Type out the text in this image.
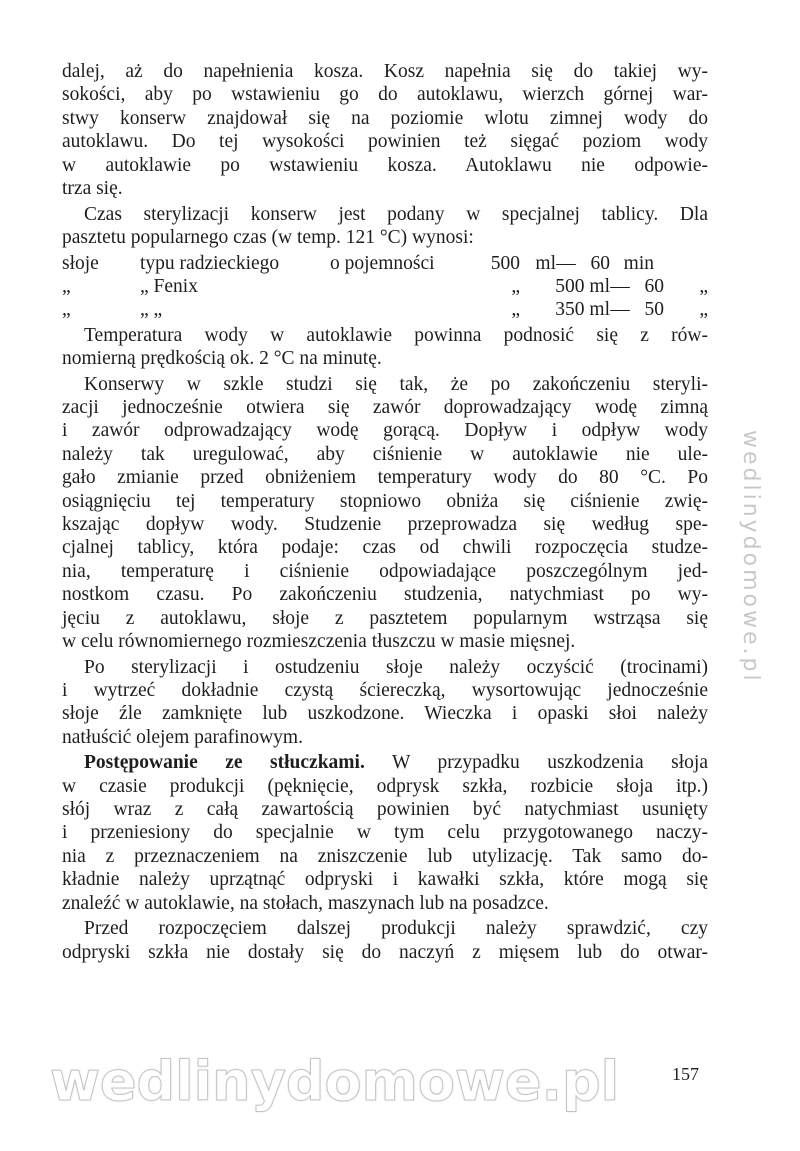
dalej, aż do napełnienia kosza. Kosz napełnia się do takiej wy-
sokości, aby po wstawieniu go do autoklawu, wierzch górnej war-
stwy konserw znajdował się na poziomie wlotu zimnej wody do
autoklawu. Do tej wysokości powinien też sięgać poziom wody
w autoklawie po wstawieniu kosza. Autoklawu nie odpowie-
trza się.
Czas sterylizacji konserw jest podany w specjalnej tablicy. Dla
pasztetu popularnego czas (w temp. 121 °C) wynosi:
słoje	typu radzieckiego	o pojemności	500 ml — 60 min
„	„ Fenix	„	500 ml — 60	„
„	„ „	„	350 ml — 50	„
Temperatura wody w autoklawie powinna podnosić się z rów-
nomierną prędkością ok. 2 °C na minutę.
Konserwy w szkle studzi się tak, że po zakończeniu steryli-
zacji jednocześnie otwiera się zawór doprowadzający wodę zimną
i zawór odprowadzający wodę gorącą. Dopływ i odpływ wody
należy tak uregulować, aby ciśnienie w autoklawie nie ule-
gało zmianie przed obniżeniem temperatury wody do 80 °C. Po
osiągnięciu tej temperatury stopniowo obniża się ciśnienie zwię-
kszając dopływ wody. Studzenie przeprowadza się według spe-
cjalnej tablicy, która podaje: czas od chwili rozpoczęcia studze-
nia, temperaturę i ciśnienie odpowiadające poszczególnym jed-
nostkom czasu. Po zakończeniu studzenia, natychmiast po wy-
jęciu z autoklawu, słoje z pasztetem popularnym wstrząsa się
w celu równomiernego rozmieszczenia tłuszczu w masie mięsnej.
Po sterylizacji i ostudzeniu słoje należy oczyścić (trocinami)
i wytrzeć dokładnie czystą ściereczką, wysortowując jednocześnie
słoje źle zamknięte lub uszkodzone. Wieczka i opaski słoi należy
natłuścić olejem parafinowym.
Postępowanie ze stłuczkami. W przypadku uszkodzenia słoja
w czasie produkcji (pęknięcie, odprysk szkła, rozbicie słoja itp.)
słój wraz z całą zawartością powinien być natychmiast usunięty
i przeniesiony do specjalnie w tym celu przygotowanego naczy-
nia z przeznaczeniem na zniszczenie lub utylizację. Tak samo do-
kładnie należy uprzątnąć odpryski i kawałki szkła, które mogą się
znaleźć w autoklawie, na stołach, maszynach lub na posadzce.
Przed rozpoczęciem dalszej produkcji należy sprawdzić, czy
odpryski szkła nie dostały się do naczyń z mięsem lub do otwar-
wedlinydomowe.pl
wedlinydomowe.pl	157
